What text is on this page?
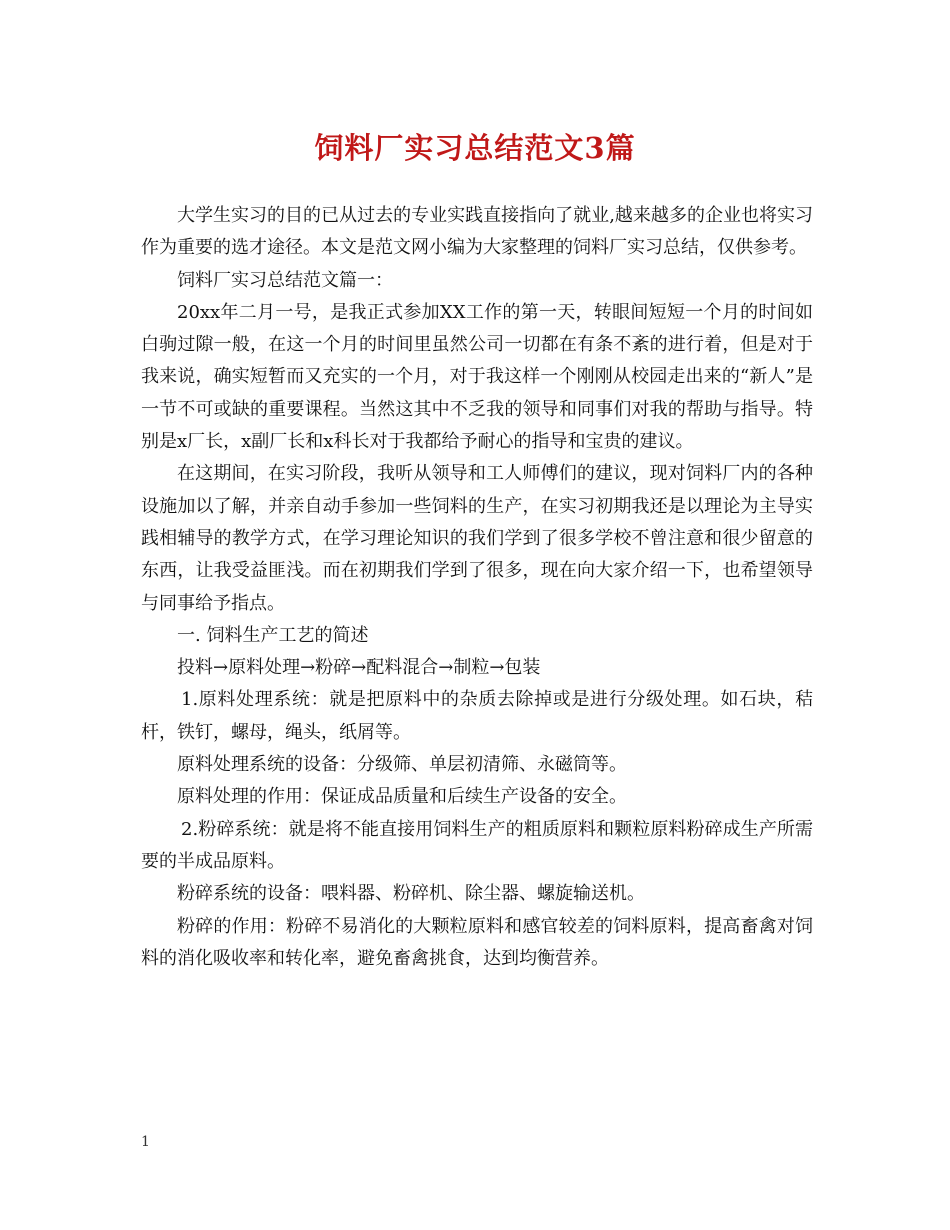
饲料厂实习总结范文3篇

大学生实习的目的已从过去的专业实践直接指向了就业,越来越多的企业也将实习作为重要的选才途径。本文是范文网小编为大家整理的饲料厂实习总结，仅供参考。

饲料厂实习总结范文篇一：

20xx年二月一号，是我正式参加XX工作的第一天，转眼间短短一个月的时间如白驹过隙一般，在这一个月的时间里虽然公司一切都在有条不紊的进行着，但是对于我来说，确实短暂而又充实的一个月，对于我这样一个刚刚从校园走出来的“新人”是一节不可或缺的重要课程。当然这其中不乏我的领导和同事们对我的帮助与指导。特别是x厂长，x副厂长和x科长对于我都给予耐心的指导和宝贵的建议。

在这期间，在实习阶段，我听从领导和工人师傅们的建议，现对饲料厂内的各种设施加以了解，并亲自动手参加一些饲料的生产，在实习初期我还是以理论为主导实践相辅导的教学方式，在学习理论知识的我们学到了很多学校不曾注意和很少留意的东西，让我受益匪浅。而在初期我们学到了很多，现在向大家介绍一下，也希望领导与同事给予指点。

一. 饲料生产工艺的简述

投料→原料处理→粉碎→配料混合→制粒→包装

1.原料处理系统：就是把原料中的杂质去除掉或是进行分级处理。如石块，秸杆，铁钉，螺母，绳头，纸屑等。

原料处理系统的设备：分级筛、单层初清筛、永磁筒等。

原料处理的作用：保证成品质量和后续生产设备的安全。

2.粉碎系统：就是将不能直接用饲料生产的粗质原料和颗粒原料粉碎成生产所需要的半成品原料。

粉碎系统的设备：喂料器、粉碎机、除尘器、螺旋输送机。

粉碎的作用：粉碎不易消化的大颗粒原料和感官较差的饲料原料，提高畜禽对饲料的消化吸收率和转化率，避免畜禽挑食，达到均衡营养。

1
